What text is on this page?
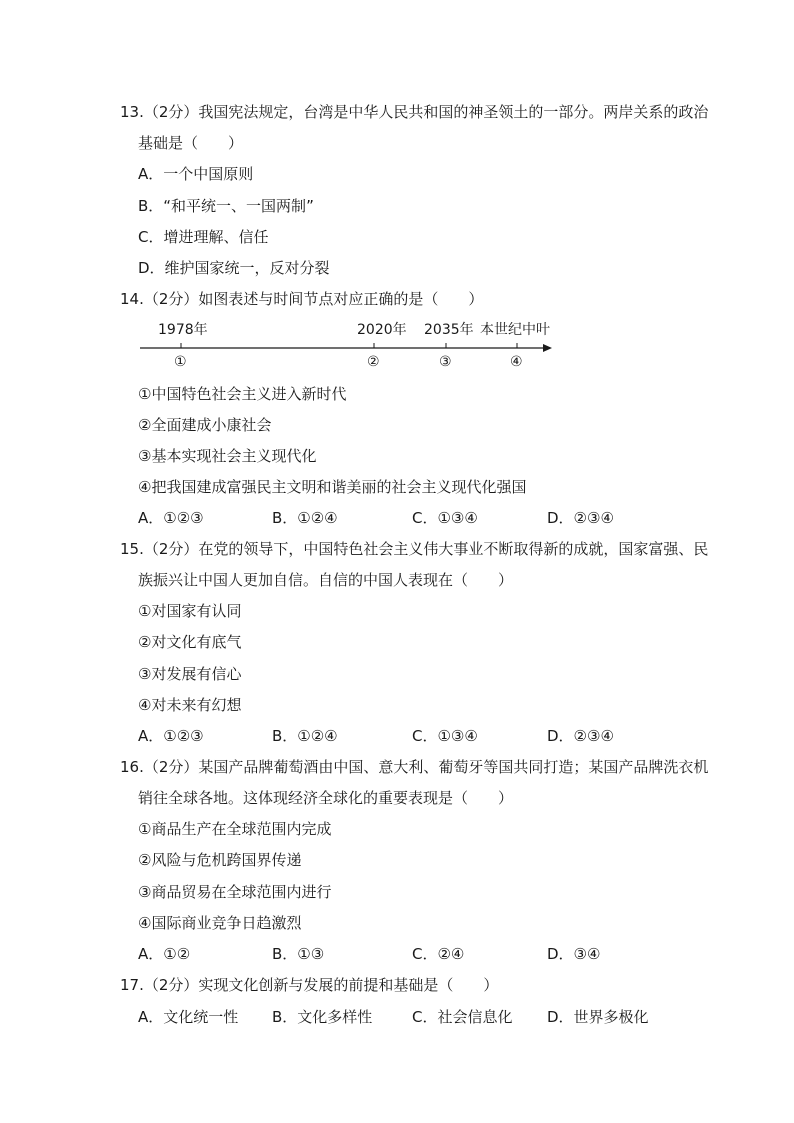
13.（2分）我国宪法规定，台湾是中华人民共和国的神圣领土的一部分。两岸关系的政治
基础是（　　）
A．一个中国原则
B．“和平统一、一国两制”
C．增进理解、信任
D．维护国家统一，反对分裂
14.（2分）如图表述与时间节点对应正确的是（　　）
1978年	2020年 2035年 本世纪中叶
①	②	③	④
①中国特色社会主义进入新时代
②全面建成小康社会
③基本实现社会主义现代化
④把我国建成富强民主文明和谐美丽的社会主义现代化强国
A．①②③	B．①②④	C．①③④	D．②③④
15.（2分）在党的领导下，中国特色社会主义伟大事业不断取得新的成就，国家富强、民
族振兴让中国人更加自信。自信的中国人表现在（　　）
①对国家有认同
②对文化有底气
③对发展有信心
④对未来有幻想
A．①②③	B．①②④	C．①③④	D．②③④
16.（2分）某国产品牌葡萄酒由中国、意大利、葡萄牙等国共同打造；某国产品牌洗衣机
销往全球各地。这体现经济全球化的重要表现是（　　）
①商品生产在全球范围内完成
②风险与危机跨国界传递
③商品贸易在全球范围内进行
④国际商业竞争日趋激烈
A．①②	B．①③	C．②④	D．③④
17.（2分）实现文化创新与发展的前提和基础是（　　）
A．文化统一性 B．文化多样性	C．社会信息化 D．世界多极化
